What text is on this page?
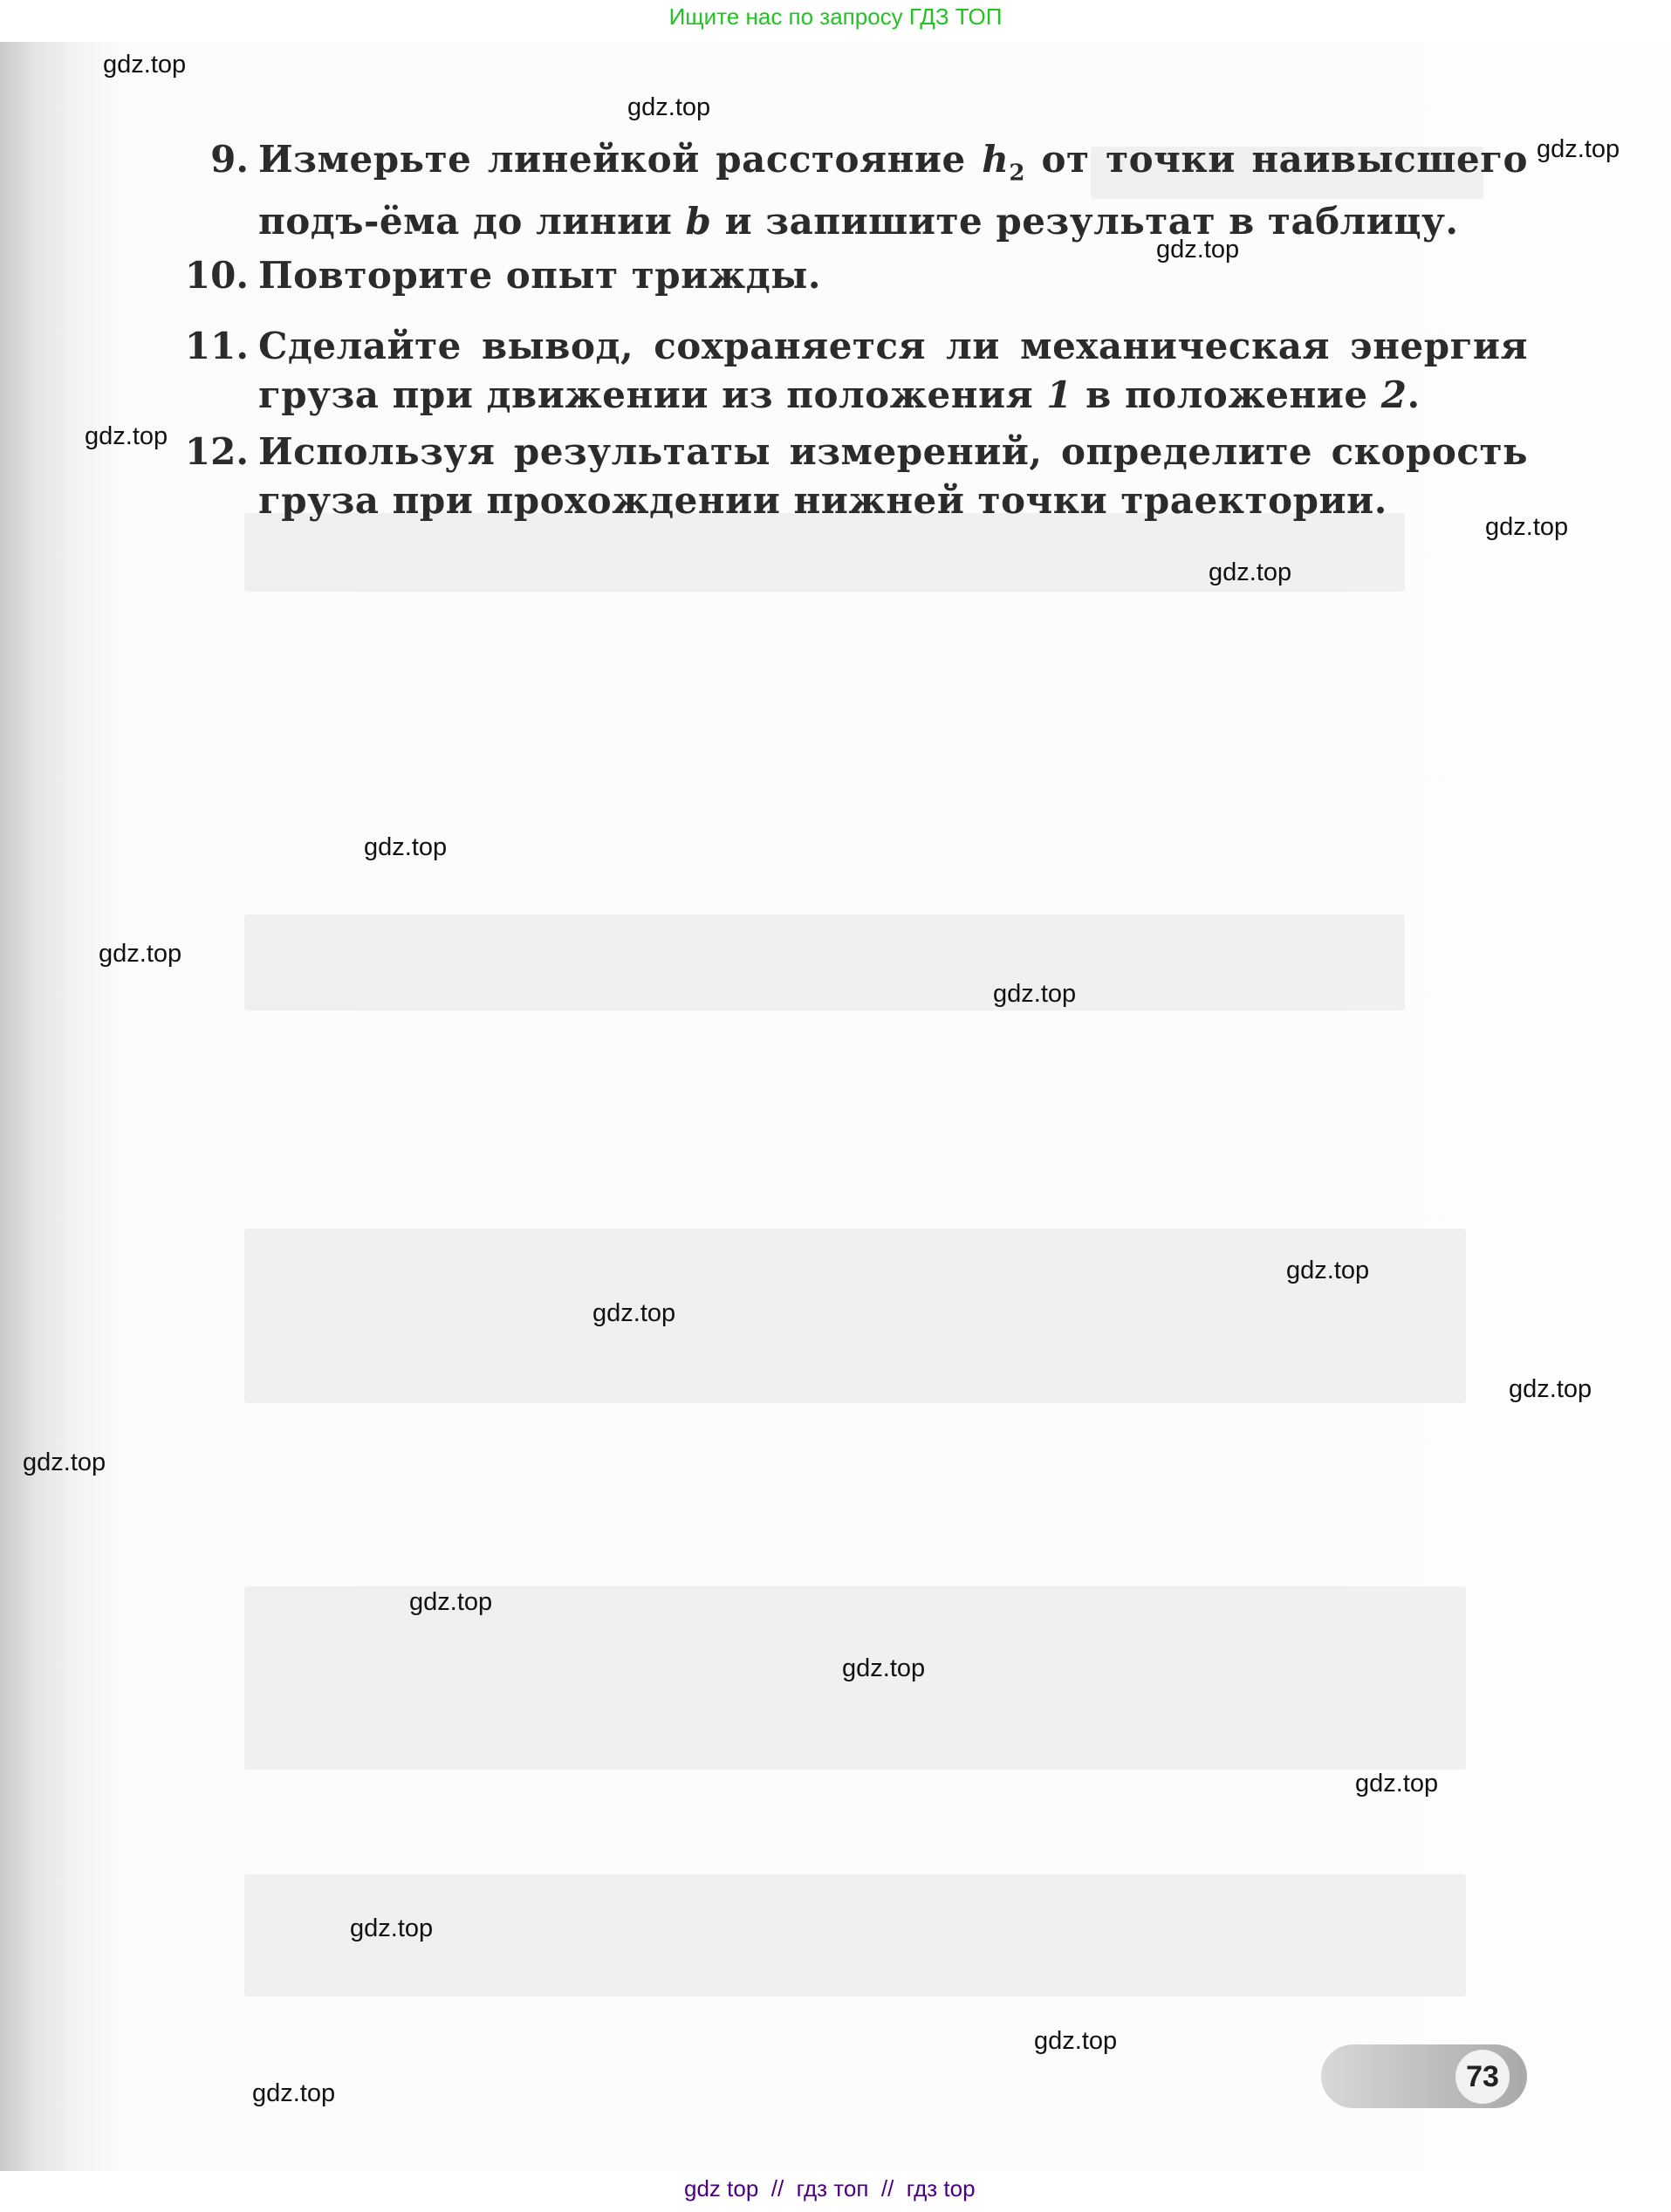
Ищите нас по запросу ГДЗ ТОП
9. Измерьте линейкой расстояние $h_2$ от точки наивысшего подъ-ёма до линии b и запишите результат в таблицу.
10. Повторите опыт трижды.
11. Сделайте вывод, сохраняется ли механическая энергия груза при движении из положения 1 в положение 2.
12. Используя результаты измерений, определите скорость груза при прохождении нижней точки траектории.
gdz.top
gdz.top
gdz.top
gdz.top
gdz.top
gdz.top
gdz.top
gdz.top
gdz.top
gdz.top
gdz.top
gdz.top
gdz.top
gdz.top
gdz.top
gdz.top
gdz.top
gdz.top
gdz.top
gdz.top	73
gdz top  //  гдз топ  //  гдз top
